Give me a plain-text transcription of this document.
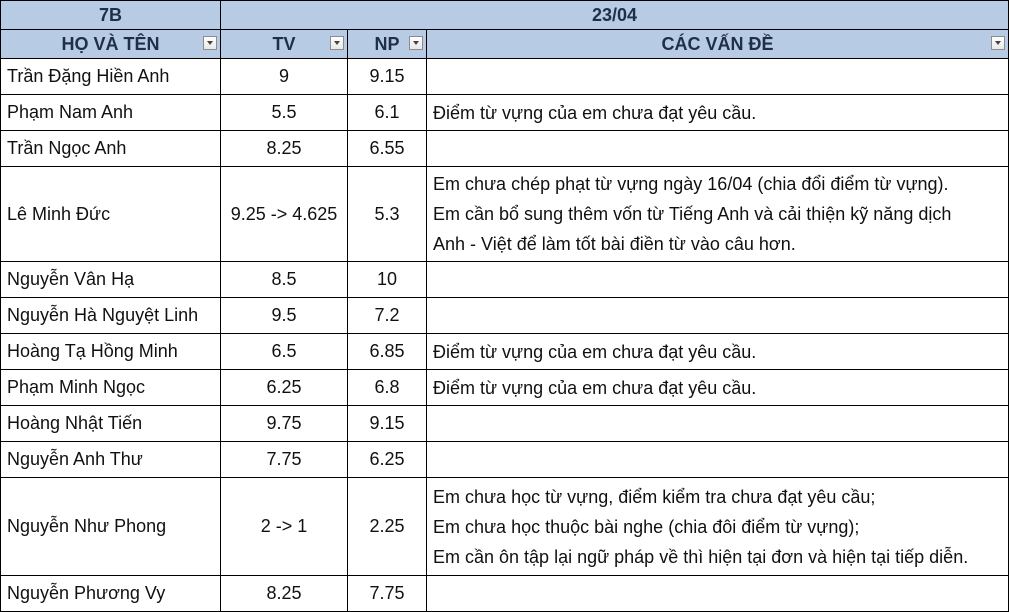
7B	23/04		
HỌ VÀ TÊN	TV	NP	CÁC VẤN ĐỀ

Trần Đặng Hiền Anh	9	9.15	
Phạm Nam Anh	5.5	6.1	Điểm từ vựng của em chưa đạt yêu cầu.

Trần Ngọc Anh	8.25	6.55	
Lê Minh Đức	9.25 -> 4.625	5.3	Em chưa chép phạt từ vựng ngày 16/04 (chia đổi điểm từ vựng).
Em cần bổ sung thêm vốn từ Tiếng Anh và cải thiện kỹ năng dịch
Anh - Việt để làm tốt bài điền từ vào câu hơn.

Nguyễn Vân Hạ	8.5	10	
Nguyễn Hà Nguyệt Linh	9.5	7.2	
Hoàng Tạ Hồng Minh	6.5	6.85	Điểm từ vựng của em chưa đạt yêu cầu.

Phạm Minh Ngọc	6.25	6.8	Điểm từ vựng của em chưa đạt yêu cầu.

Hoàng Nhật Tiến	9.75	9.15	
Nguyễn Anh Thư	7.75	6.25	
Nguyễn Như Phong	2 -> 1	2.25	Em chưa học từ vựng, điểm kiểm tra chưa đạt yêu cầu;
Em chưa học thuộc bài nghe (chia đôi điểm từ vựng);
Em cần ôn tập lại ngữ pháp về thì hiện tại đơn và hiện tại tiếp diễn.

Nguyễn Phương Vy	8.25	7.75	
